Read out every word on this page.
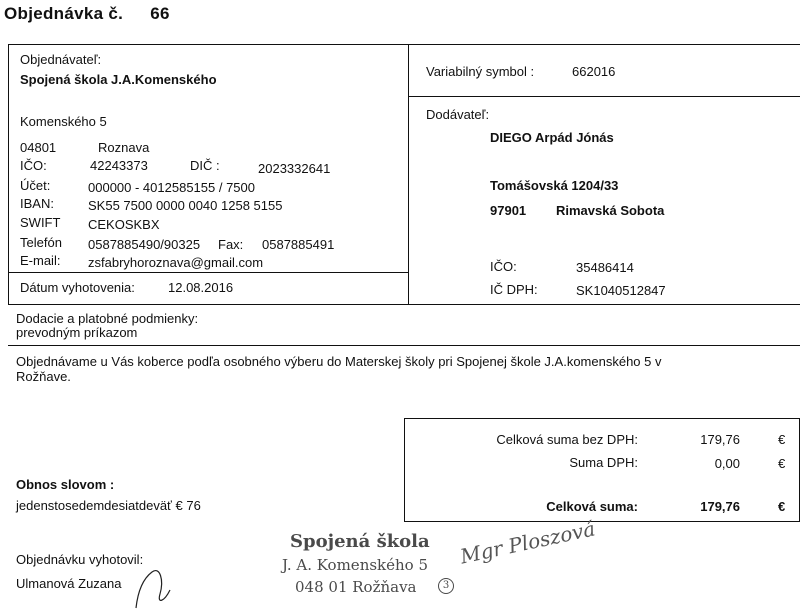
Objednávka č. 66
Objednávateľ:
Spojená škola J.A.Komenského
Komenského 5
04801	Roznava
IČO:	42243373	DIČ :	2023332641
Účet:	000000 - 4012585155 / 7500
IBAN:	SK55 7500 0000 0040 1258 5155
SWIFT CEKOSKBX
Telefón 0587885490/90325 Fax: 0587885491
E-mail: zsfabryhoroznava@gmail.com
Dátum vyhotovenia:	12.08.2016
Variabilný symbol :	662016
Dodávateľ:
DIEGO Arpád Jónás
Tomášovská 1204/33
97901 Rimavská Sobota
IČO:	35486414
IČ DPH:	SK1040512847
Dodacie a platobné podmienky:
prevodným príkazom
Objednávame u Vás koberce podľa osobného výberu do Materskej školy pri Spojenej škole J.A.komenského 5 v
Rožňave.
Celková suma bez DPH:	179,76	€
Suma DPH:	0,00	€
Celková suma:	179,76	€
Obnos slovom :
jedenstosedemdesiatdeväť € 76
Objednávku vyhotovil:
Ulmanová Zuzana
Spojená škola
J. A. Komenského 5
048 01 Rožňava	3
Mgr Ploszová
